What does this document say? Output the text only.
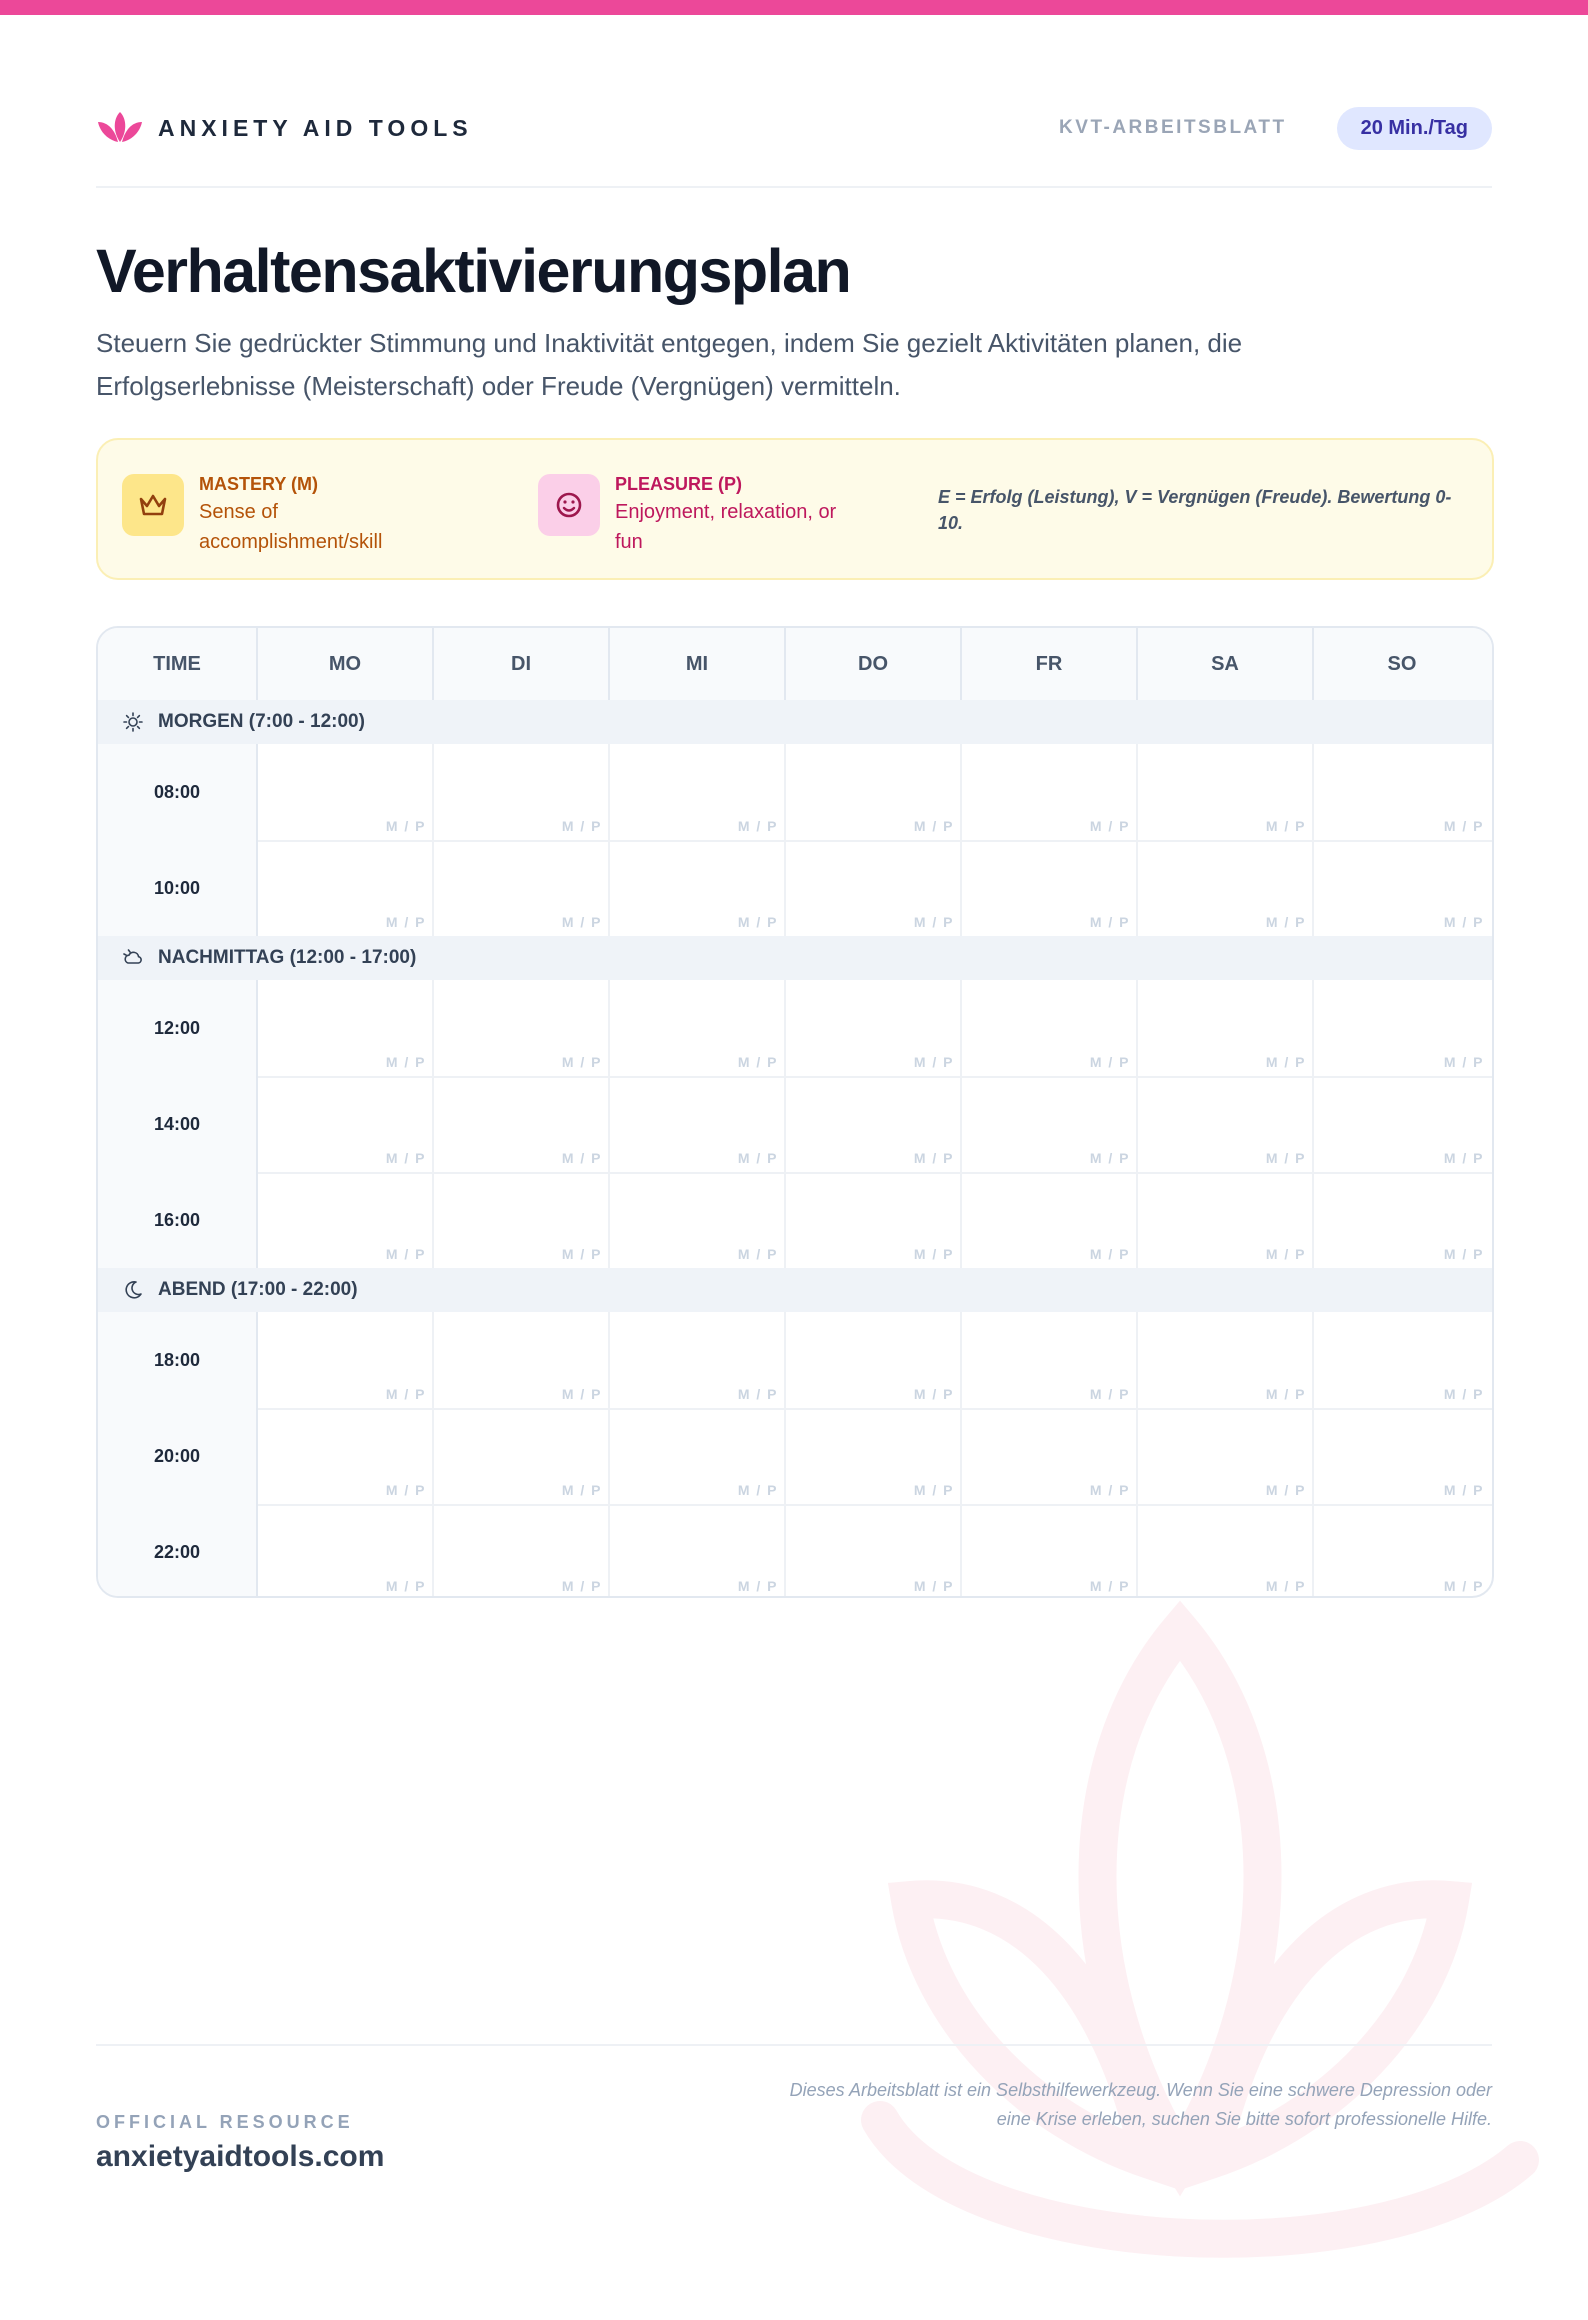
ANXIETY AID TOOLS	KVT-ARBEITSBLATT	20 Min./Tag
Verhaltensaktivierungsplan

Steuern Sie gedrückter Stimmung und Inaktivität entgegen, indem Sie gezielt Aktivitäten planen, die Erfolgserlebnisse (Meisterschaft) oder Freude (Vergnügen) vermitteln.

MASTERY (M)
Sense of accomplishment/skill
PLEASURE (P)
Enjoyment, relaxation, or fun
E = Erfolg (Leistung), V = Vergnügen (Freude). Bewertung 0-10.
TIME	MO	DI	MI	DO	FR	SA	SO
MORGEN (7:00 - 12:00)
08:00
M / P	M / P	M / P	M / P	M / P	M / P	M / P
10:00
M / P	M / P	M / P	M / P	M / P	M / P	M / P
NACHMITTAG (12:00 - 17:00)
12:00
M / P	M / P	M / P	M / P	M / P	M / P	M / P
14:00
M / P	M / P	M / P	M / P	M / P	M / P	M / P
16:00
M / P	M / P	M / P	M / P	M / P	M / P	M / P
ABEND (17:00 - 22:00)
18:00
M / P	M / P	M / P	M / P	M / P	M / P	M / P
20:00
M / P	M / P	M / P	M / P	M / P	M / P	M / P
22:00
M / P	M / P	M / P	M / P	M / P	M / P	M / P
OFFICIAL RESOURCE
anxietyaidtools.com
Dieses Arbeitsblatt ist ein Selbsthilfewerkzeug. Wenn Sie eine schwere Depression oder eine Krise erleben, suchen Sie bitte sofort professionelle Hilfe.
